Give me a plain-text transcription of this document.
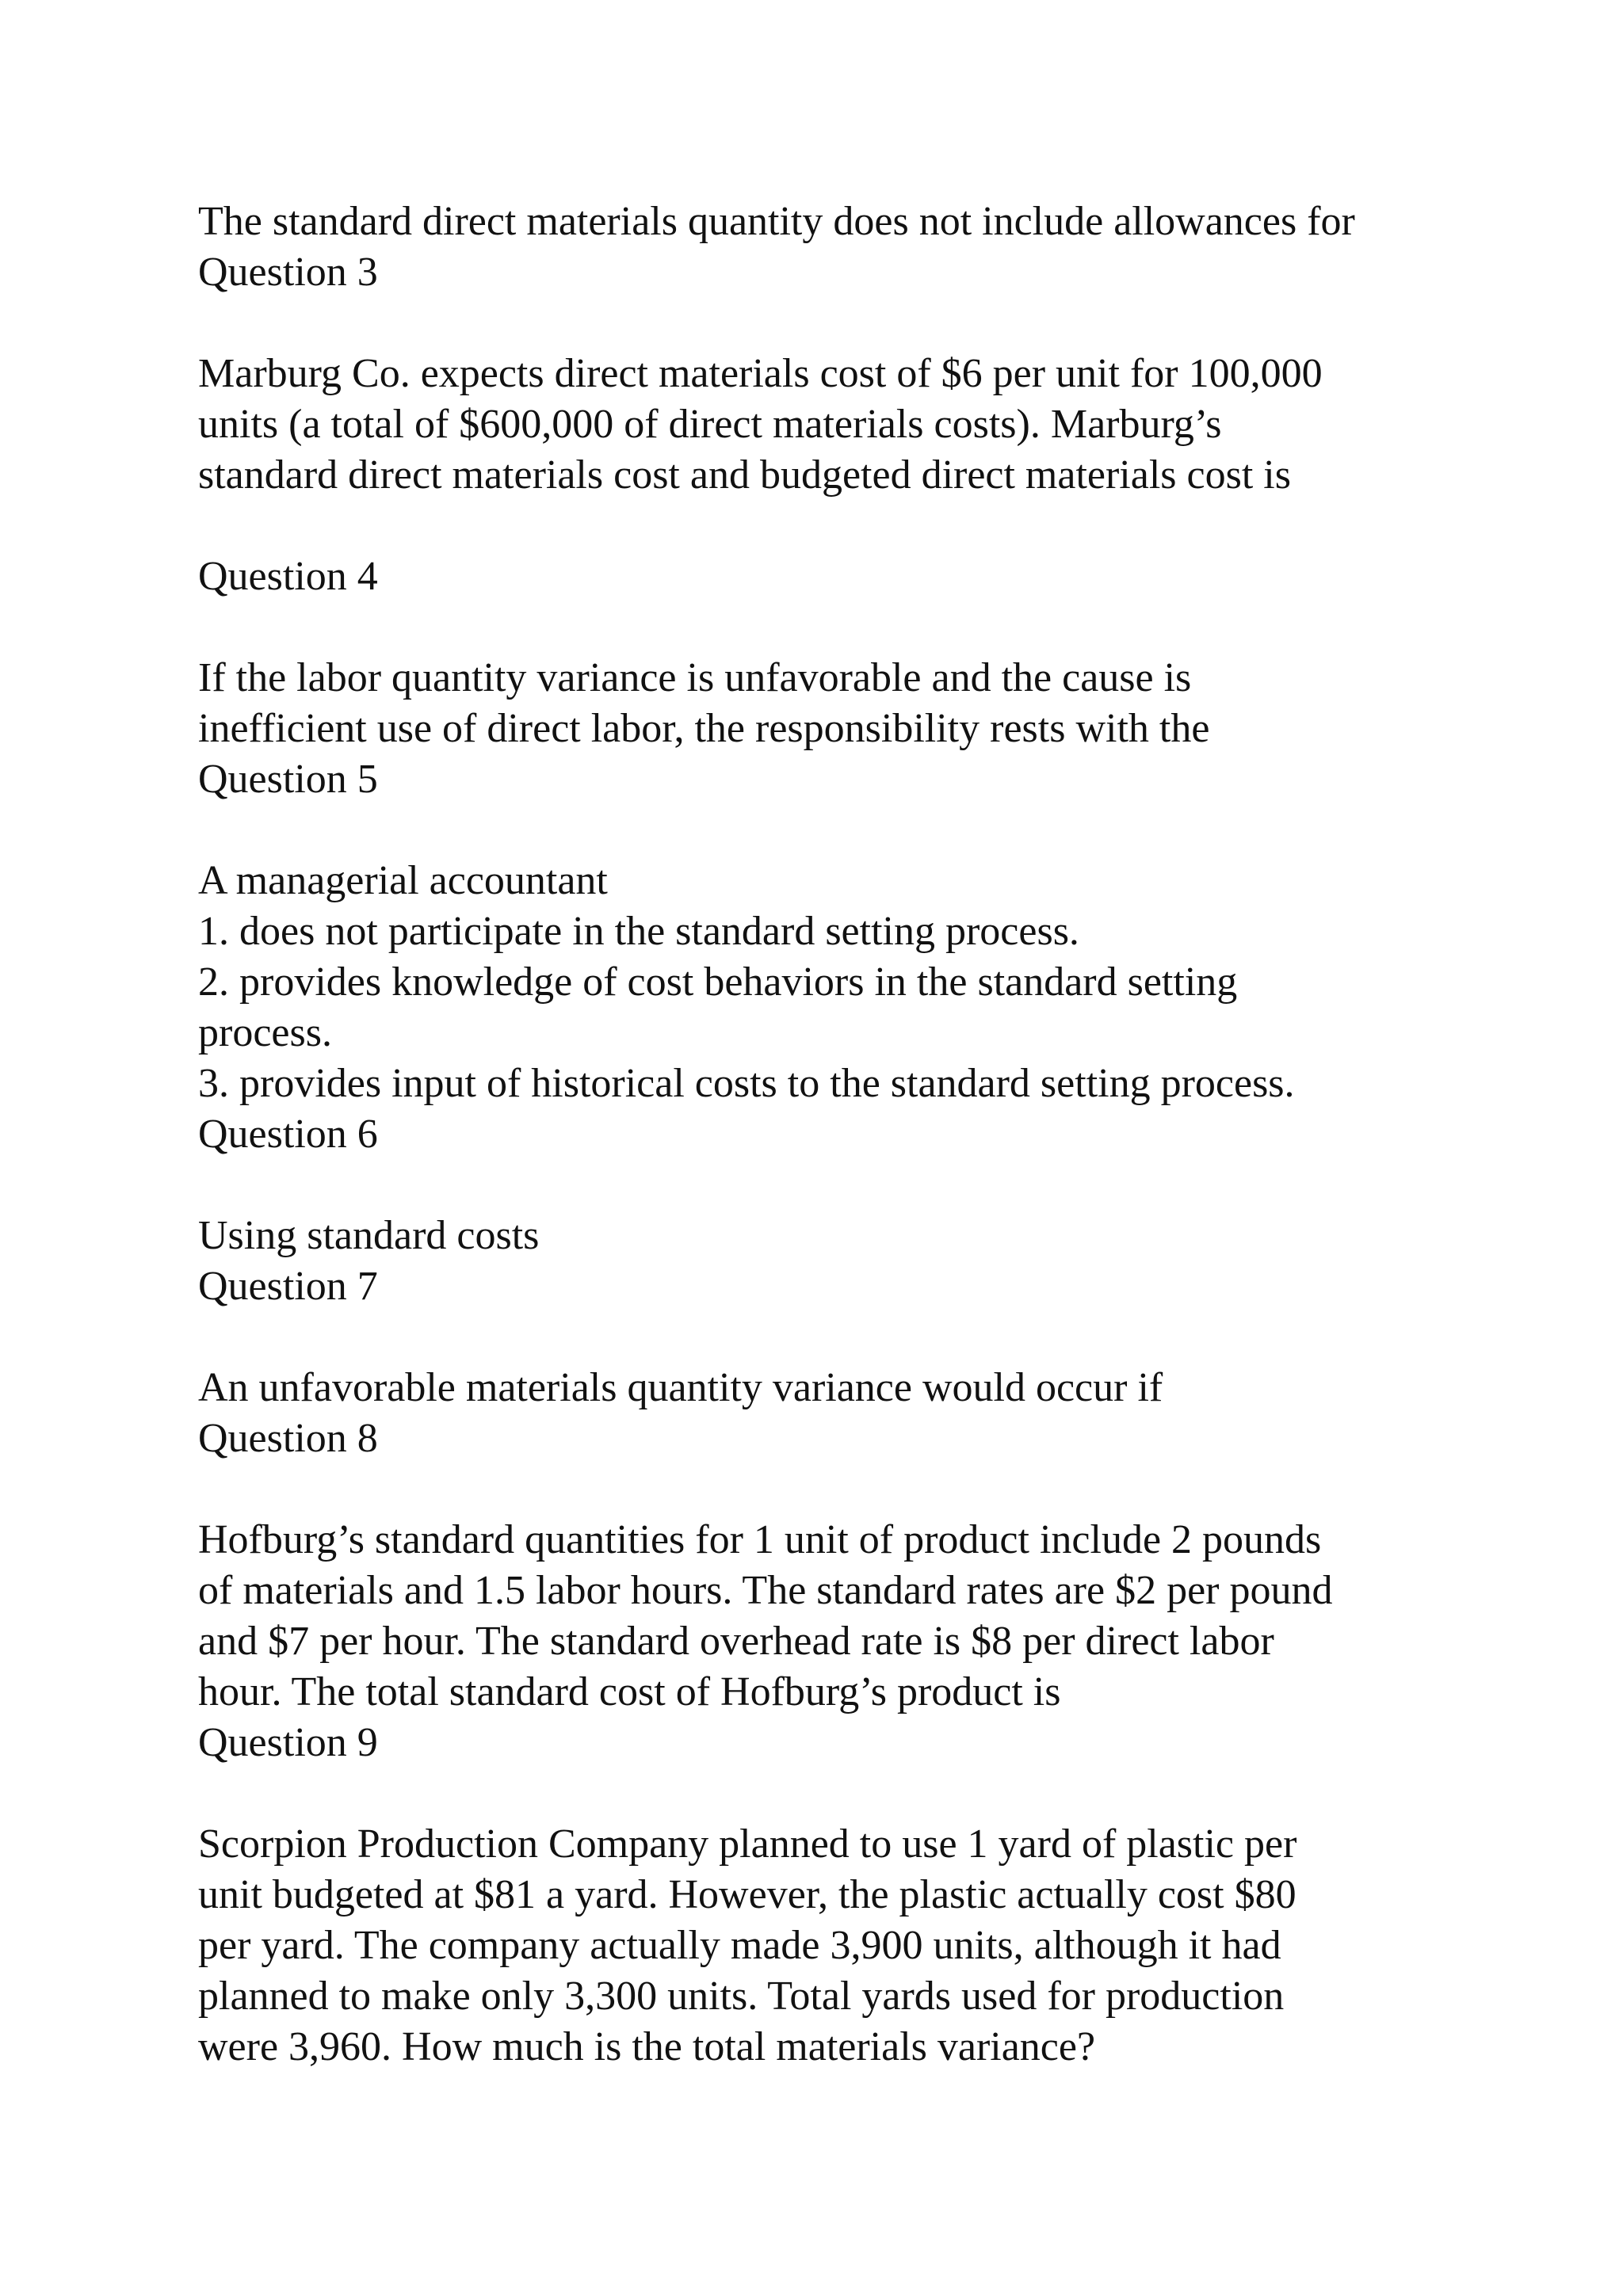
The standard direct materials quantity does not include allowances for
Question 3
Marburg Co. expects direct materials cost of $6 per unit for 100,000
units (a total of $600,000 of direct materials costs). Marburg’s
standard direct materials cost and budgeted direct materials cost is
Question 4
If the labor quantity variance is unfavorable and the cause is
inefficient use of direct labor, the responsibility rests with the
Question 5
A managerial accountant
1. does not participate in the standard setting process.
2. provides knowledge of cost behaviors in the standard setting
process.
3. provides input of historical costs to the standard setting process.
Question 6
Using standard costs
Question 7
An unfavorable materials quantity variance would occur if
Question 8
Hofburg’s standard quantities for 1 unit of product include 2 pounds
of materials and 1.5 labor hours. The standard rates are $2 per pound
and $7 per hour. The standard overhead rate is $8 per direct labor
hour. The total standard cost of Hofburg’s product is
Question 9
Scorpion Production Company planned to use 1 yard of plastic per
unit budgeted at $81 a yard. However, the plastic actually cost $80
per yard. The company actually made 3,900 units, although it had
planned to make only 3,300 units. Total yards used for production
were 3,960. How much is the total materials variance?
